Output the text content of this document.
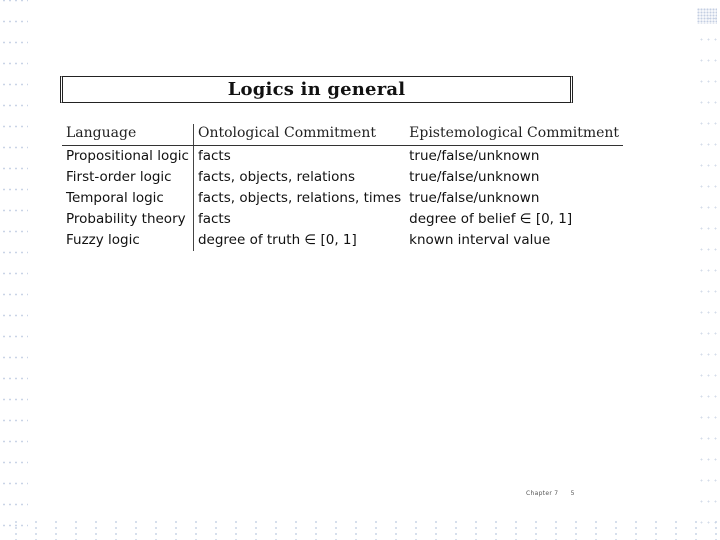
Logics in general
Language	Ontological Commitment	Epistemological Commitment
Propositional logic	facts	true/false/unknown
First-order logic	facts, objects, relations	true/false/unknown
Temporal logic	facts, objects, relations, times	true/false/unknown
Probability theory	facts	degree of belief ∈ [0, 1]
Fuzzy logic	degree of truth ∈ [0, 1]	known interval value
Chapter 7 5
